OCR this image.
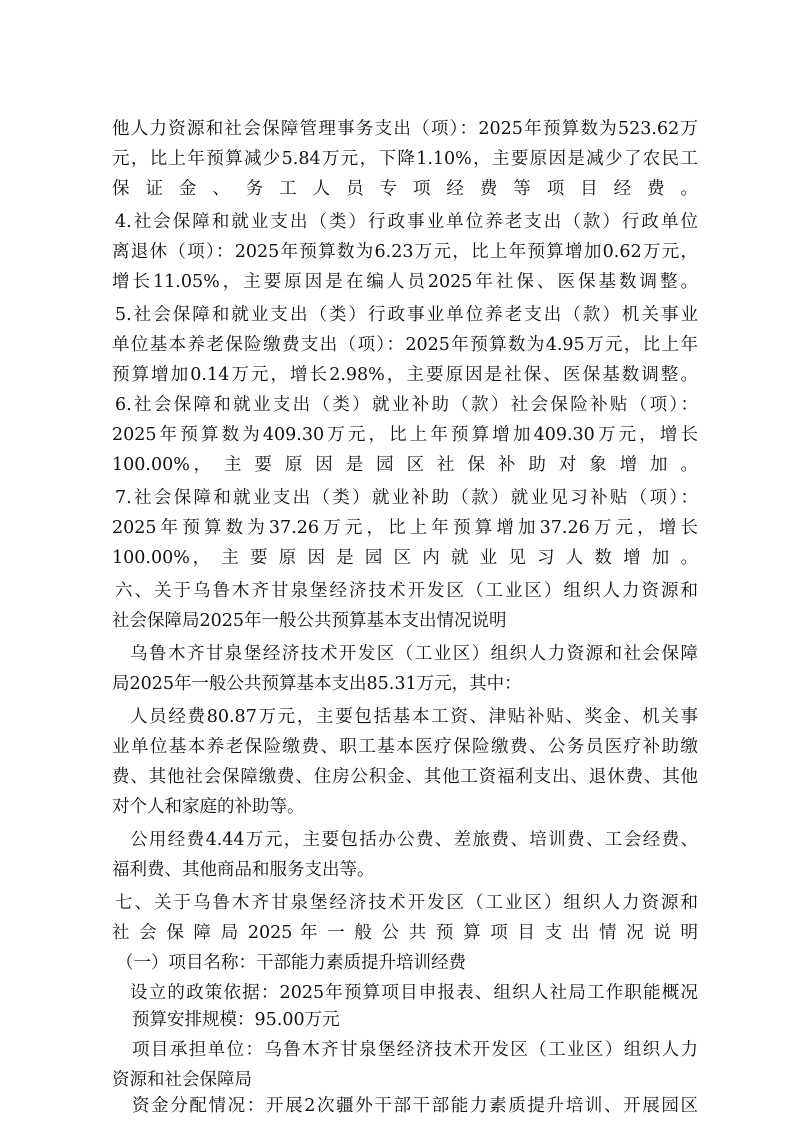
他人力资源和社会保障管理事务支出（项）：2025年预算数为523.62万
元，比上年预算减少5.84万元，下降1.10%，主要原因是减少了农民工
保 证 金 、 务 工 人 员 专 项 经 费 等 项 目 经 费 。
4.社会保障和就业支出（类）行政事业单位养老支出（款）行政单位
离退休（项）：2025年预算数为6.23万元，比上年预算增加0.62万元，
增长11.05%，主要原因是在编人员2025年社保、医保基数调整。
5.社会保障和就业支出（类）行政事业单位养老支出（款）机关事业
单位基本养老保险缴费支出（项）：2025年预算数为4.95万元，比上年
预算增加0.14万元，增长2.98%，主要原因是社保、医保基数调整。
6.社会保障和就业支出（类）就业补助（款）社会保险补贴（项）：
2025年预算数为409.30万元，比上年预算增加409.30万元，增长
100.00%， 主 要 原 因 是 园 区 社 保 补 助 对 象 增 加 。
7.社会保障和就业支出（类）就业补助（款）就业见习补贴（项）：
2025年预算数为37.26万元，比上年预算增加37.26万元，增长
100.00%， 主 要 原 因 是 园 区 内 就 业 见 习 人 数 增 加 。
六、关于乌鲁木齐甘泉堡经济技术开发区（工业区）组织人力资源和
社会保障局2025年一般公共预算基本支出情况说明
乌鲁木齐甘泉堡经济技术开发区（工业区）组织人力资源和社会保障
局2025年一般公共预算基本支出85.31万元，其中：
人员经费80.87万元，主要包括基本工资、津贴补贴、奖金、机关事
业单位基本养老保险缴费、职工基本医疗保险缴费、公务员医疗补助缴
费、其他社会保障缴费、住房公积金、其他工资福利支出、退休费、其他
对个人和家庭的补助等。
公用经费4.44万元，主要包括办公费、差旅费、培训费、工会经费、
福利费、其他商品和服务支出等。
七、关于乌鲁木齐甘泉堡经济技术开发区（工业区）组织人力资源和
社 会 保 障 局 2025 年 一 般 公 共 预 算 项 目 支 出 情 况 说 明
（一）项目名称：干部能力素质提升培训经费
设立的政策依据：2025年预算项目申报表、组织人社局工作职能概况
预算安排规模：95.00万元
项目承担单位：乌鲁木齐甘泉堡经济技术开发区（工业区）组织人力
资源和社会保障局
资金分配情况：开展2次疆外干部干部能力素质提升培训、开展园区
